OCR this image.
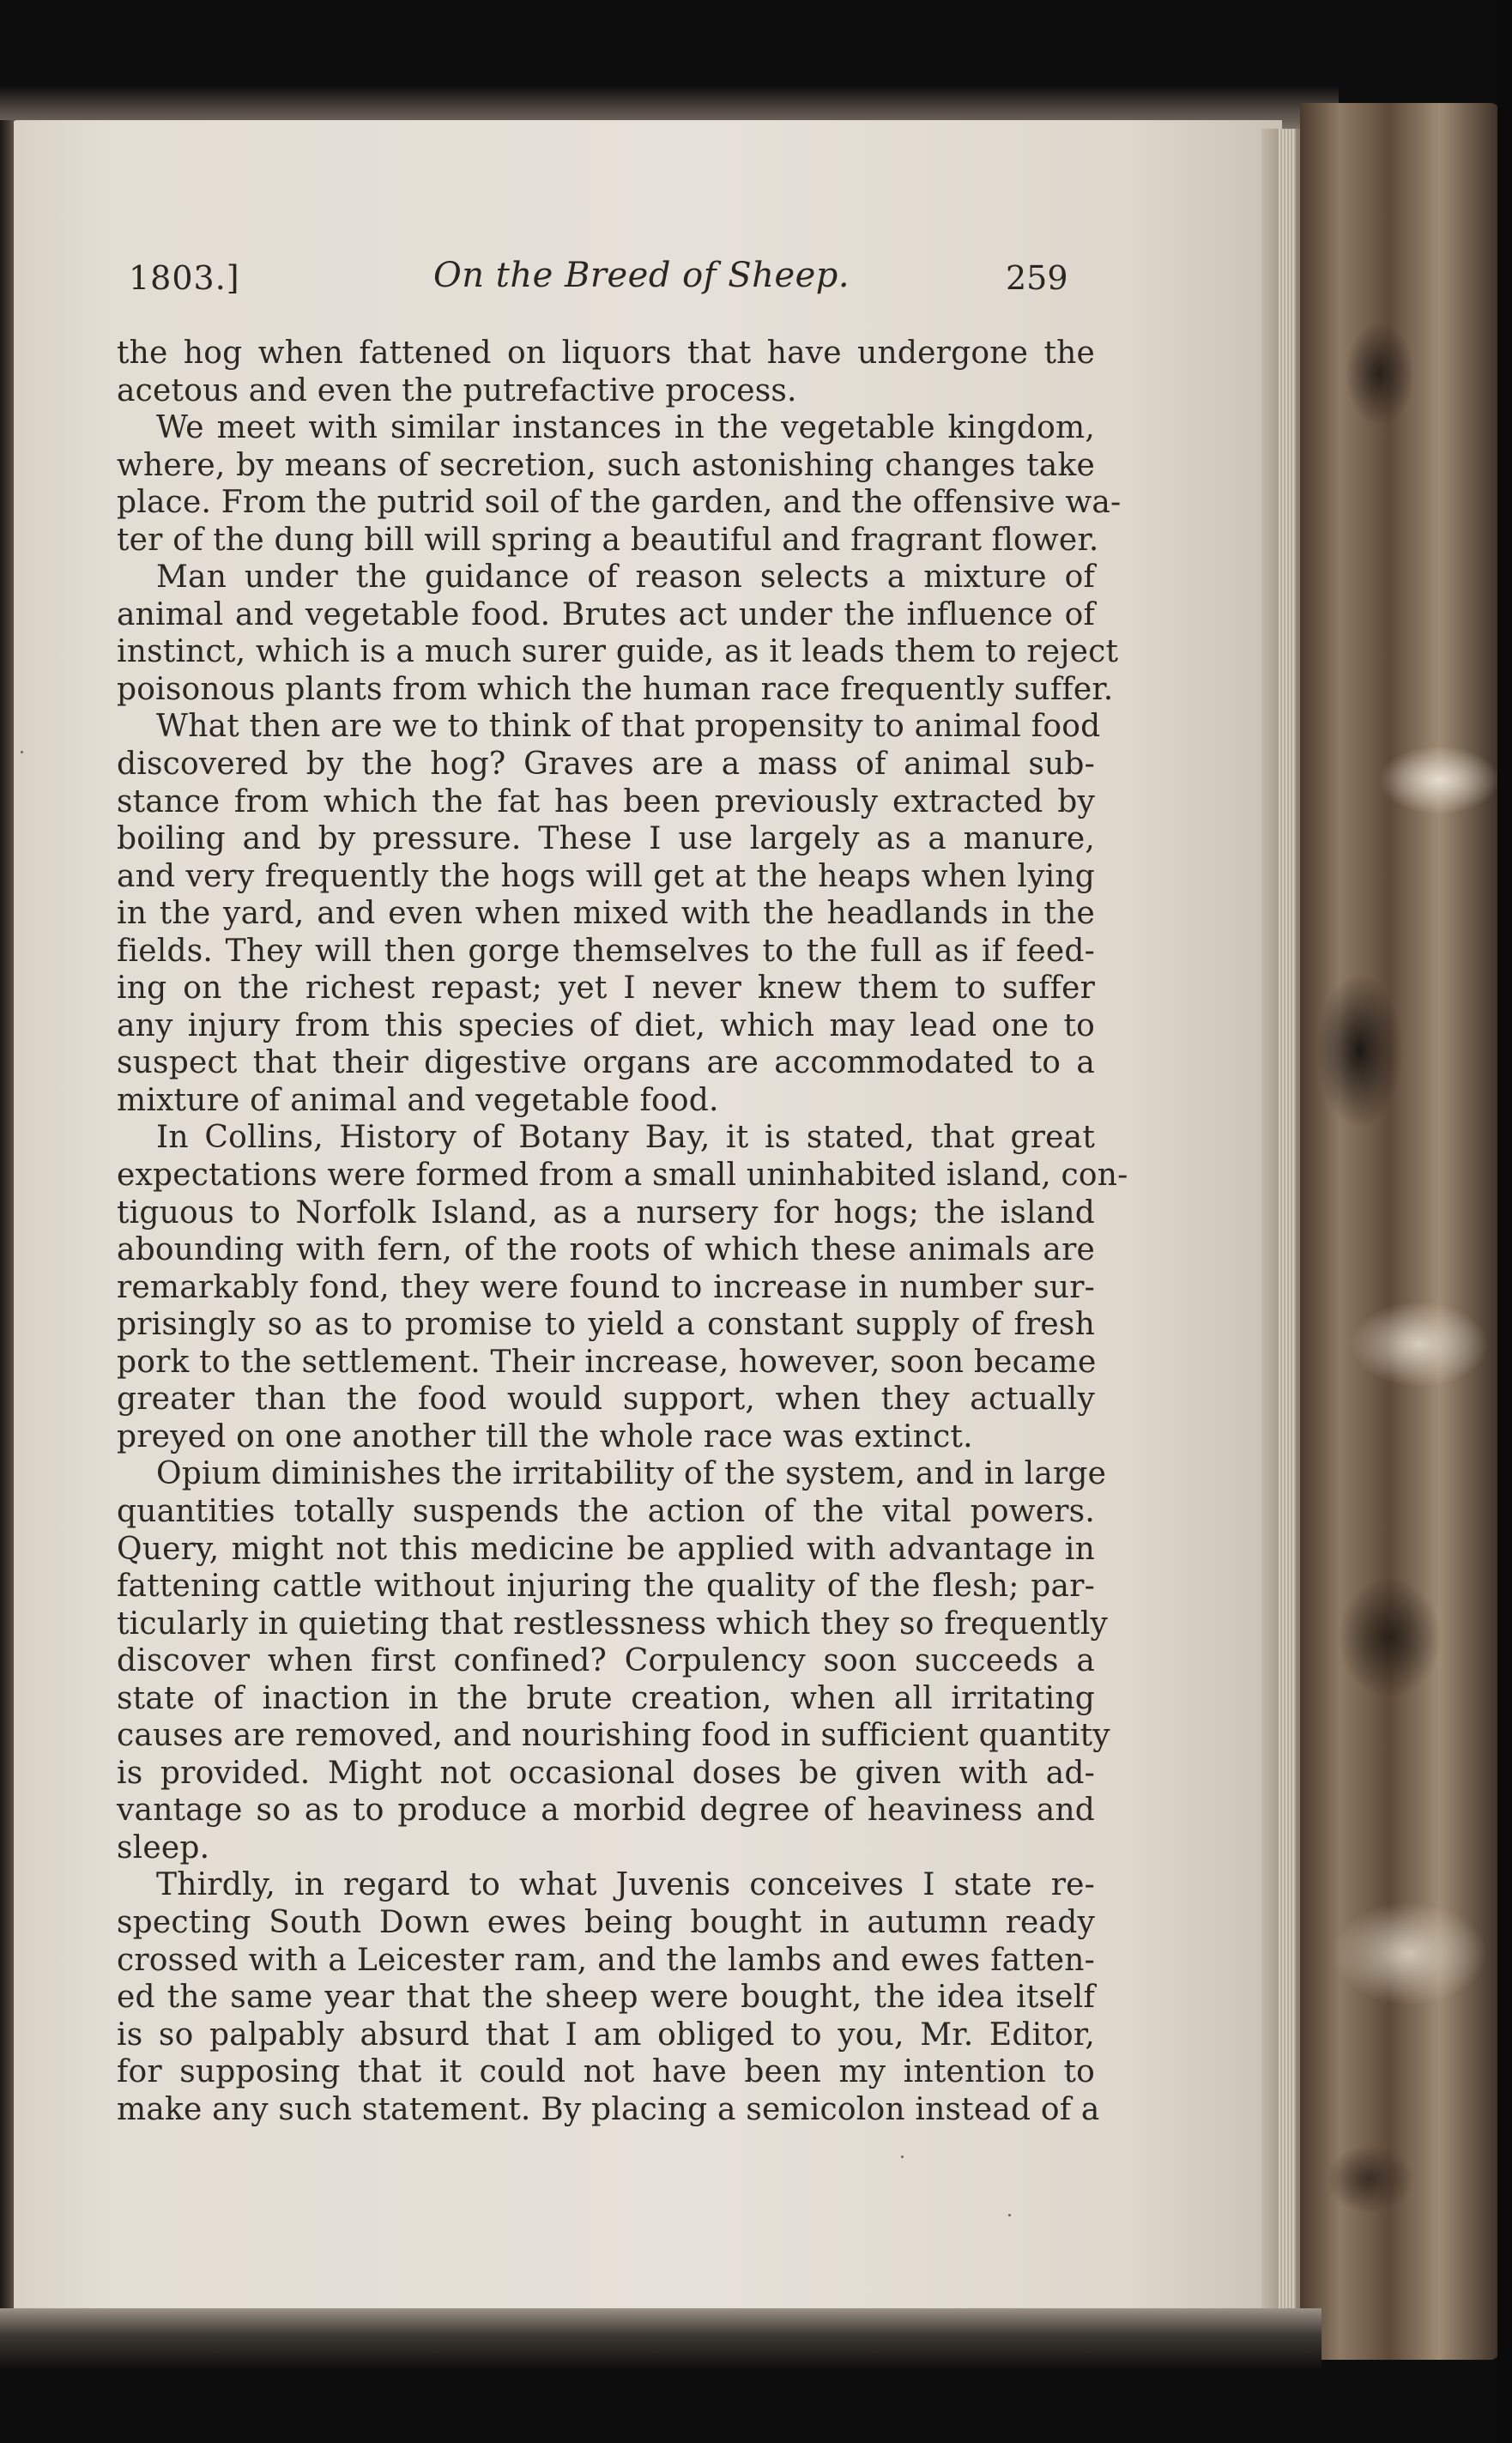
1803.]	On the Breed of Sheep.	259
the hog when fattened on liquors that have undergone the
acetous and even the putrefactive process.
We meet with similar instances in the vegetable kingdom,
where, by means of secretion, such astonishing changes take
place. From the putrid soil of the garden, and the offensive wa-
ter of the dung bill will spring a beautiful and fragrant flower.
Man under the guidance of reason selects a mixture of
animal and vegetable food. Brutes act under the influence of
instinct, which is a much surer guide, as it leads them to reject
poisonous plants from which the human race frequently suffer.
What then are we to think of that propensity to animal food
discovered by the hog? Graves are a mass of animal sub-
stance from which the fat has been previously extracted by
boiling and by pressure. These I use largely as a manure,
and very frequently the hogs will get at the heaps when lying
in the yard, and even when mixed with the headlands in the
fields. They will then gorge themselves to the full as if feed-
ing on the richest repast; yet I never knew them to suffer
any injury from this species of diet, which may lead one to
suspect that their digestive organs are accommodated to a
mixture of animal and vegetable food.
In Collins, History of Botany Bay, it is stated, that great
expectations were formed from a small uninhabited island, con-
tiguous to Norfolk Island, as a nursery for hogs; the island
abounding with fern, of the roots of which these animals are
remarkably fond, they were found to increase in number sur-
prisingly so as to promise to yield a constant supply of fresh
pork to the settlement. Their increase, however, soon became
greater than the food would support, when they actually
preyed on one another till the whole race was extinct.
Opium diminishes the irritability of the system, and in large
quantities totally suspends the action of the vital powers.
Query, might not this medicine be applied with advantage in
fattening cattle without injuring the quality of the flesh; par-
ticularly in quieting that restlessness which they so frequently
discover when first confined? Corpulency soon succeeds a
state of inaction in the brute creation, when all irritating
causes are removed, and nourishing food in sufficient quantity
is provided. Might not occasional doses be given with ad-
vantage so as to produce a morbid degree of heaviness and
sleep.
Thirdly, in regard to what Juvenis conceives I state re-
specting South Down ewes being bought in autumn ready
crossed with a Leicester ram, and the lambs and ewes fatten-
ed the same year that the sheep were bought, the idea itself
is so palpably absurd that I am obliged to you, Mr. Editor,
for supposing that it could not have been my intention to
make any such statement. By placing a semicolon instead of a
